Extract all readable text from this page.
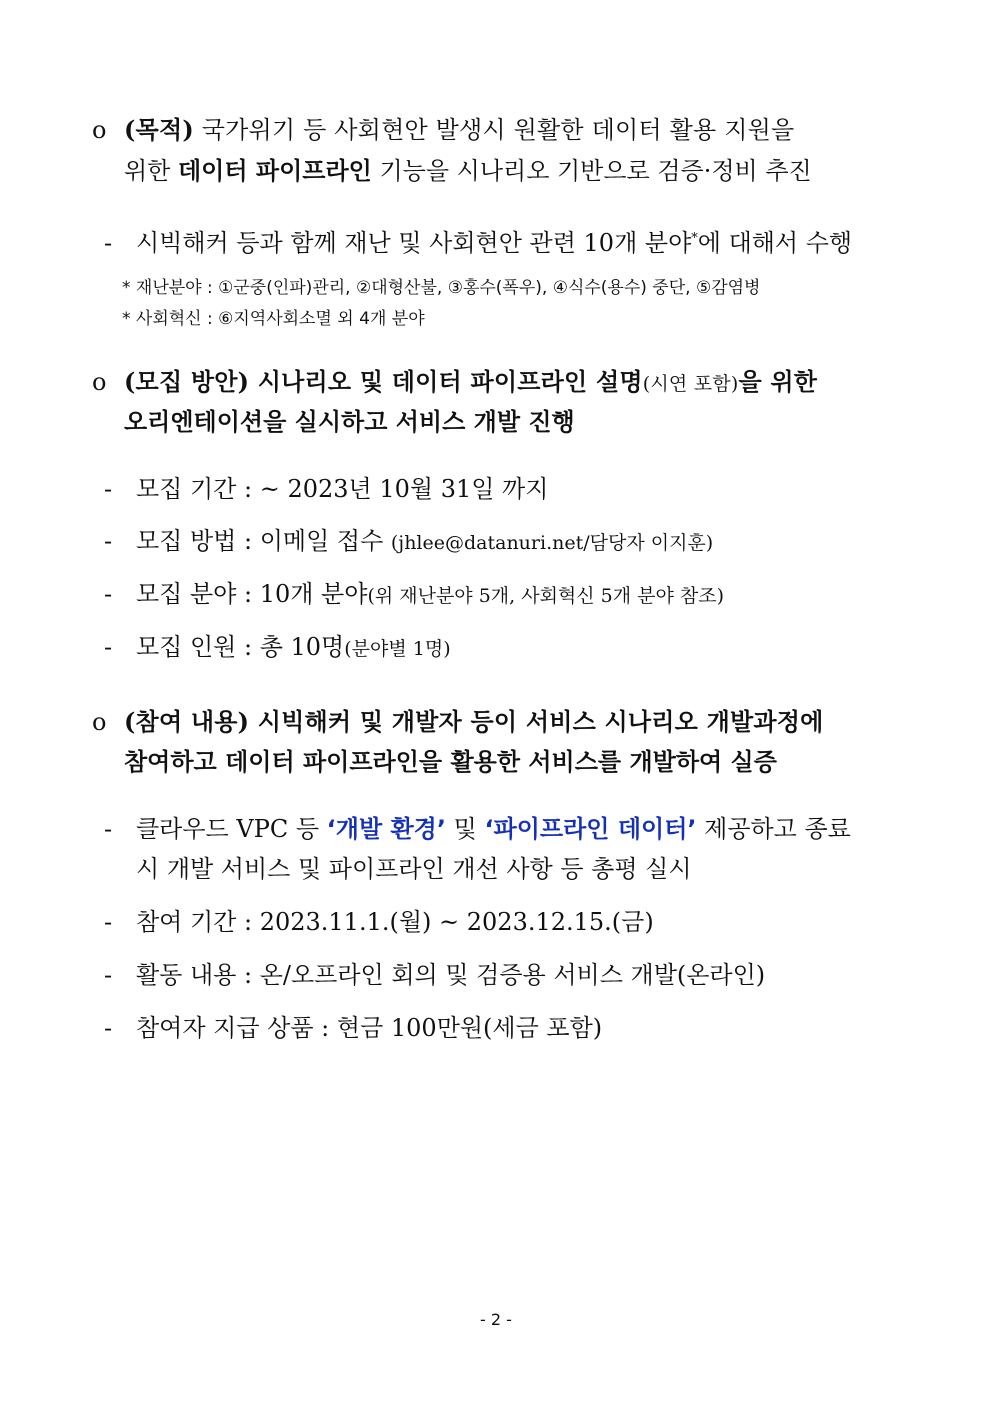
o (목적) 국가위기 등 사회현안 발생시 원활한 데이터 활용 지원을
위한 데이터 파이프라인 기능을 시나리오 기반으로 검증·정비 추진
- 시빅해커 등과 함께 재난 및 사회현안 관련 10개 분야*에 대해서 수행
* 재난분야 : ①군중(인파)관리, ②대형산불, ③홍수(폭우), ④식수(용수) 중단, ⑤감염병
* 사회혁신 : ⑥지역사회소멸 외 4개 분야
o (모집 방안) 시나리오 및 데이터 파이프라인 설명(시연 포함)을 위한
오리엔테이션을 실시하고 서비스 개발 진행
- 모집 기간 : ~ 2023년 10월 31일 까지
- 모집 방법 : 이메일 접수 (jhlee@datanuri.net/담당자 이지훈)
- 모집 분야 : 10개 분야(위 재난분야 5개, 사회혁신 5개 분야 참조)
- 모집 인원 : 총 10명(분야별 1명)
o (참여 내용) 시빅해커 및 개발자 등이 서비스 시나리오 개발과정에
참여하고 데이터 파이프라인을 활용한 서비스를 개발하여 실증
- 클라우드 VPC 등 ‘개발 환경’ 및 ‘파이프라인 데이터’ 제공하고 종료
시 개발 서비스 및 파이프라인 개선 사항 등 총평 실시
- 참여 기간 : 2023.11.1.(월) ~ 2023.12.15.(금)
- 활동 내용 : 온/오프라인 회의 및 검증용 서비스 개발(온라인)
- 참여자 지급 상품 : 현금 100만원(세금 포함)
- 2 -
